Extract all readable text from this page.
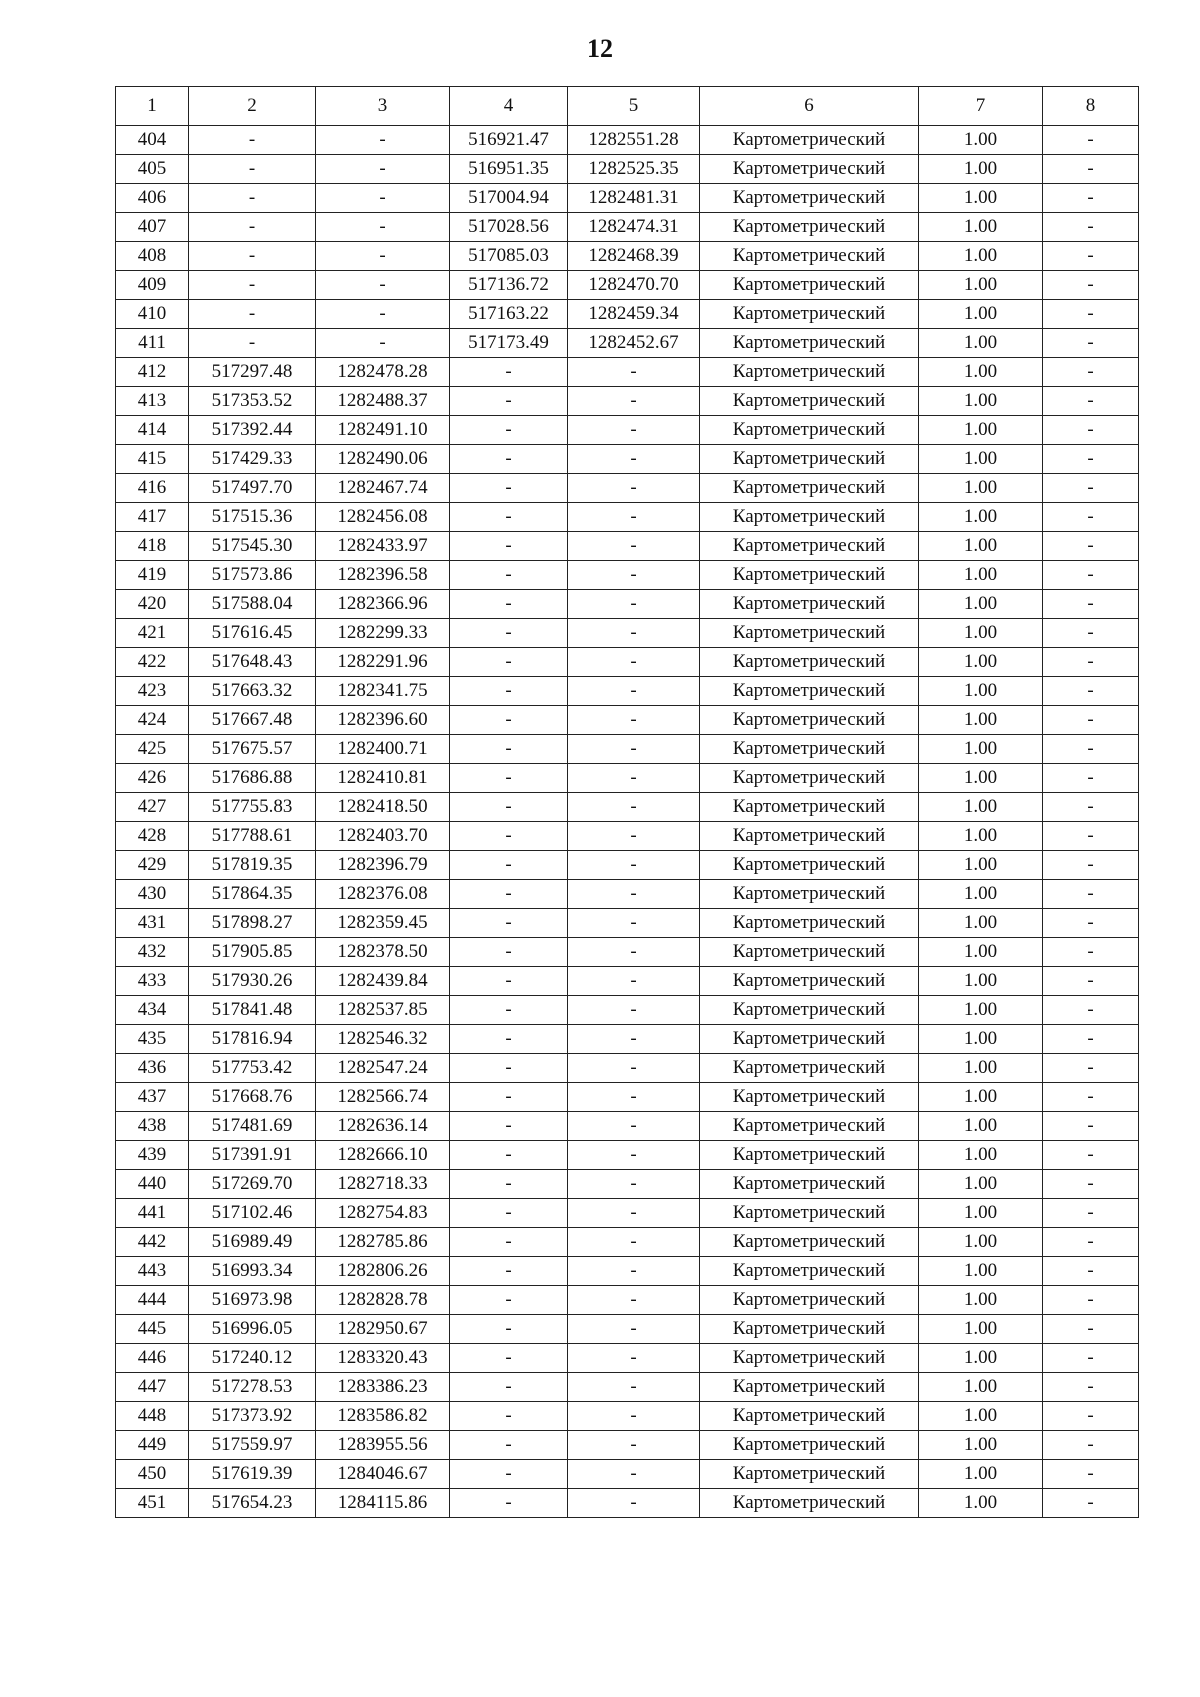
12
1	2	3	4	5	6	7	8
404	-	-	516921.47	1282551.28	Картометрический	1.00	-
405	-	-	516951.35	1282525.35	Картометрический	1.00	-
406	-	-	517004.94	1282481.31	Картометрический	1.00	-
407	-	-	517028.56	1282474.31	Картометрический	1.00	-
408	-	-	517085.03	1282468.39	Картометрический	1.00	-
409	-	-	517136.72	1282470.70	Картометрический	1.00	-
410	-	-	517163.22	1282459.34	Картометрический	1.00	-
411	-	-	517173.49	1282452.67	Картометрический	1.00	-
412	517297.48	1282478.28	-	-	Картометрический	1.00	-
413	517353.52	1282488.37	-	-	Картометрический	1.00	-
414	517392.44	1282491.10	-	-	Картометрический	1.00	-
415	517429.33	1282490.06	-	-	Картометрический	1.00	-
416	517497.70	1282467.74	-	-	Картометрический	1.00	-
417	517515.36	1282456.08	-	-	Картометрический	1.00	-
418	517545.30	1282433.97	-	-	Картометрический	1.00	-
419	517573.86	1282396.58	-	-	Картометрический	1.00	-
420	517588.04	1282366.96	-	-	Картометрический	1.00	-
421	517616.45	1282299.33	-	-	Картометрический	1.00	-
422	517648.43	1282291.96	-	-	Картометрический	1.00	-
423	517663.32	1282341.75	-	-	Картометрический	1.00	-
424	517667.48	1282396.60	-	-	Картометрический	1.00	-
425	517675.57	1282400.71	-	-	Картометрический	1.00	-
426	517686.88	1282410.81	-	-	Картометрический	1.00	-
427	517755.83	1282418.50	-	-	Картометрический	1.00	-
428	517788.61	1282403.70	-	-	Картометрический	1.00	-
429	517819.35	1282396.79	-	-	Картометрический	1.00	-
430	517864.35	1282376.08	-	-	Картометрический	1.00	-
431	517898.27	1282359.45	-	-	Картометрический	1.00	-
432	517905.85	1282378.50	-	-	Картометрический	1.00	-
433	517930.26	1282439.84	-	-	Картометрический	1.00	-
434	517841.48	1282537.85	-	-	Картометрический	1.00	-
435	517816.94	1282546.32	-	-	Картометрический	1.00	-
436	517753.42	1282547.24	-	-	Картометрический	1.00	-
437	517668.76	1282566.74	-	-	Картометрический	1.00	-
438	517481.69	1282636.14	-	-	Картометрический	1.00	-
439	517391.91	1282666.10	-	-	Картометрический	1.00	-
440	517269.70	1282718.33	-	-	Картометрический	1.00	-
441	517102.46	1282754.83	-	-	Картометрический	1.00	-
442	516989.49	1282785.86	-	-	Картометрический	1.00	-
443	516993.34	1282806.26	-	-	Картометрический	1.00	-
444	516973.98	1282828.78	-	-	Картометрический	1.00	-
445	516996.05	1282950.67	-	-	Картометрический	1.00	-
446	517240.12	1283320.43	-	-	Картометрический	1.00	-
447	517278.53	1283386.23	-	-	Картометрический	1.00	-
448	517373.92	1283586.82	-	-	Картометрический	1.00	-
449	517559.97	1283955.56	-	-	Картометрический	1.00	-
450	517619.39	1284046.67	-	-	Картометрический	1.00	-
451	517654.23	1284115.86	-	-	Картометрический	1.00	-
